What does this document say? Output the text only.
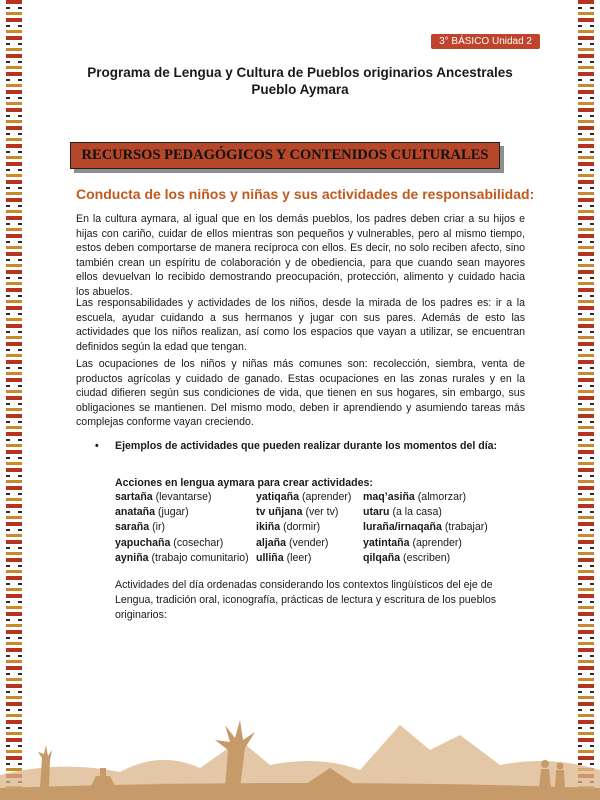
3° BÁSICO Unidad 2
Programa de Lengua y Cultura de Pueblos originarios Ancestrales
Pueblo Aymara
RECURSOS PEDAGÓGICOS Y CONTENIDOS CULTURALES
Conducta de los niños y niñas y sus actividades de responsabilidad:
En la cultura aymara, al igual que en los demás pueblos, los padres deben criar a su hijos e hijas con cariño, cuidar de ellos mientras son pequeños y vulnerables, pero al mismo tiempo, estos deben comportarse de manera recíproca con ellos. Es decir, no solo reciben afecto, sino también crean un espíritu de colaboración y de obediencia, para que cuando sean mayores ellos devuelvan lo recibido demostrando preocupación, protección, alimento y cuidado hacia los abuelos.
Las responsabilidades y actividades de los niños, desde la mirada de los padres es: ir a la escuela, ayudar cuidando a sus hermanos y jugar con sus pares. Además de esto las actividades que los niños realizan, así como los espacios que vayan a utilizar, se encuentran definidos según la edad que tengan.
Las ocupaciones de los niños y niñas más comunes son: recolección, siembra, venta de productos agrícolas y cuidado de ganado. Estas ocupaciones en las zonas rurales y en la ciudad difieren según sus condiciones de vida, que tienen en sus hogares, sin embargo, sus obligaciones se mantienen. Del mismo modo, deben ir aprendiendo y asumiendo tareas más complejas conforme vayan creciendo.
• Ejemplos de actividades que pueden realizar durante los momentos del día:
Acciones en lengua aymara para crear actividades:
sartaña (levantarse)	yatiqaña (aprender)	maq’asiña (almorzar)
anataña (jugar)	tv uñjana (ver tv)	utaru (a la casa)
saraña (ir)	ikiña (dormir)	luraña/irnaqaña (trabajar)
yapuchaña (cosechar)	aljaña (vender)	yatintaña (aprender)
ayniña (trabajo comunitario) ulliña (leer)	qilqaña (escriben)
Actividades del día ordenadas considerando los contextos lingüísticos del eje de Lengua, tradición oral, iconografía, prácticas de lectura y escritura de los pueblos originarios:
